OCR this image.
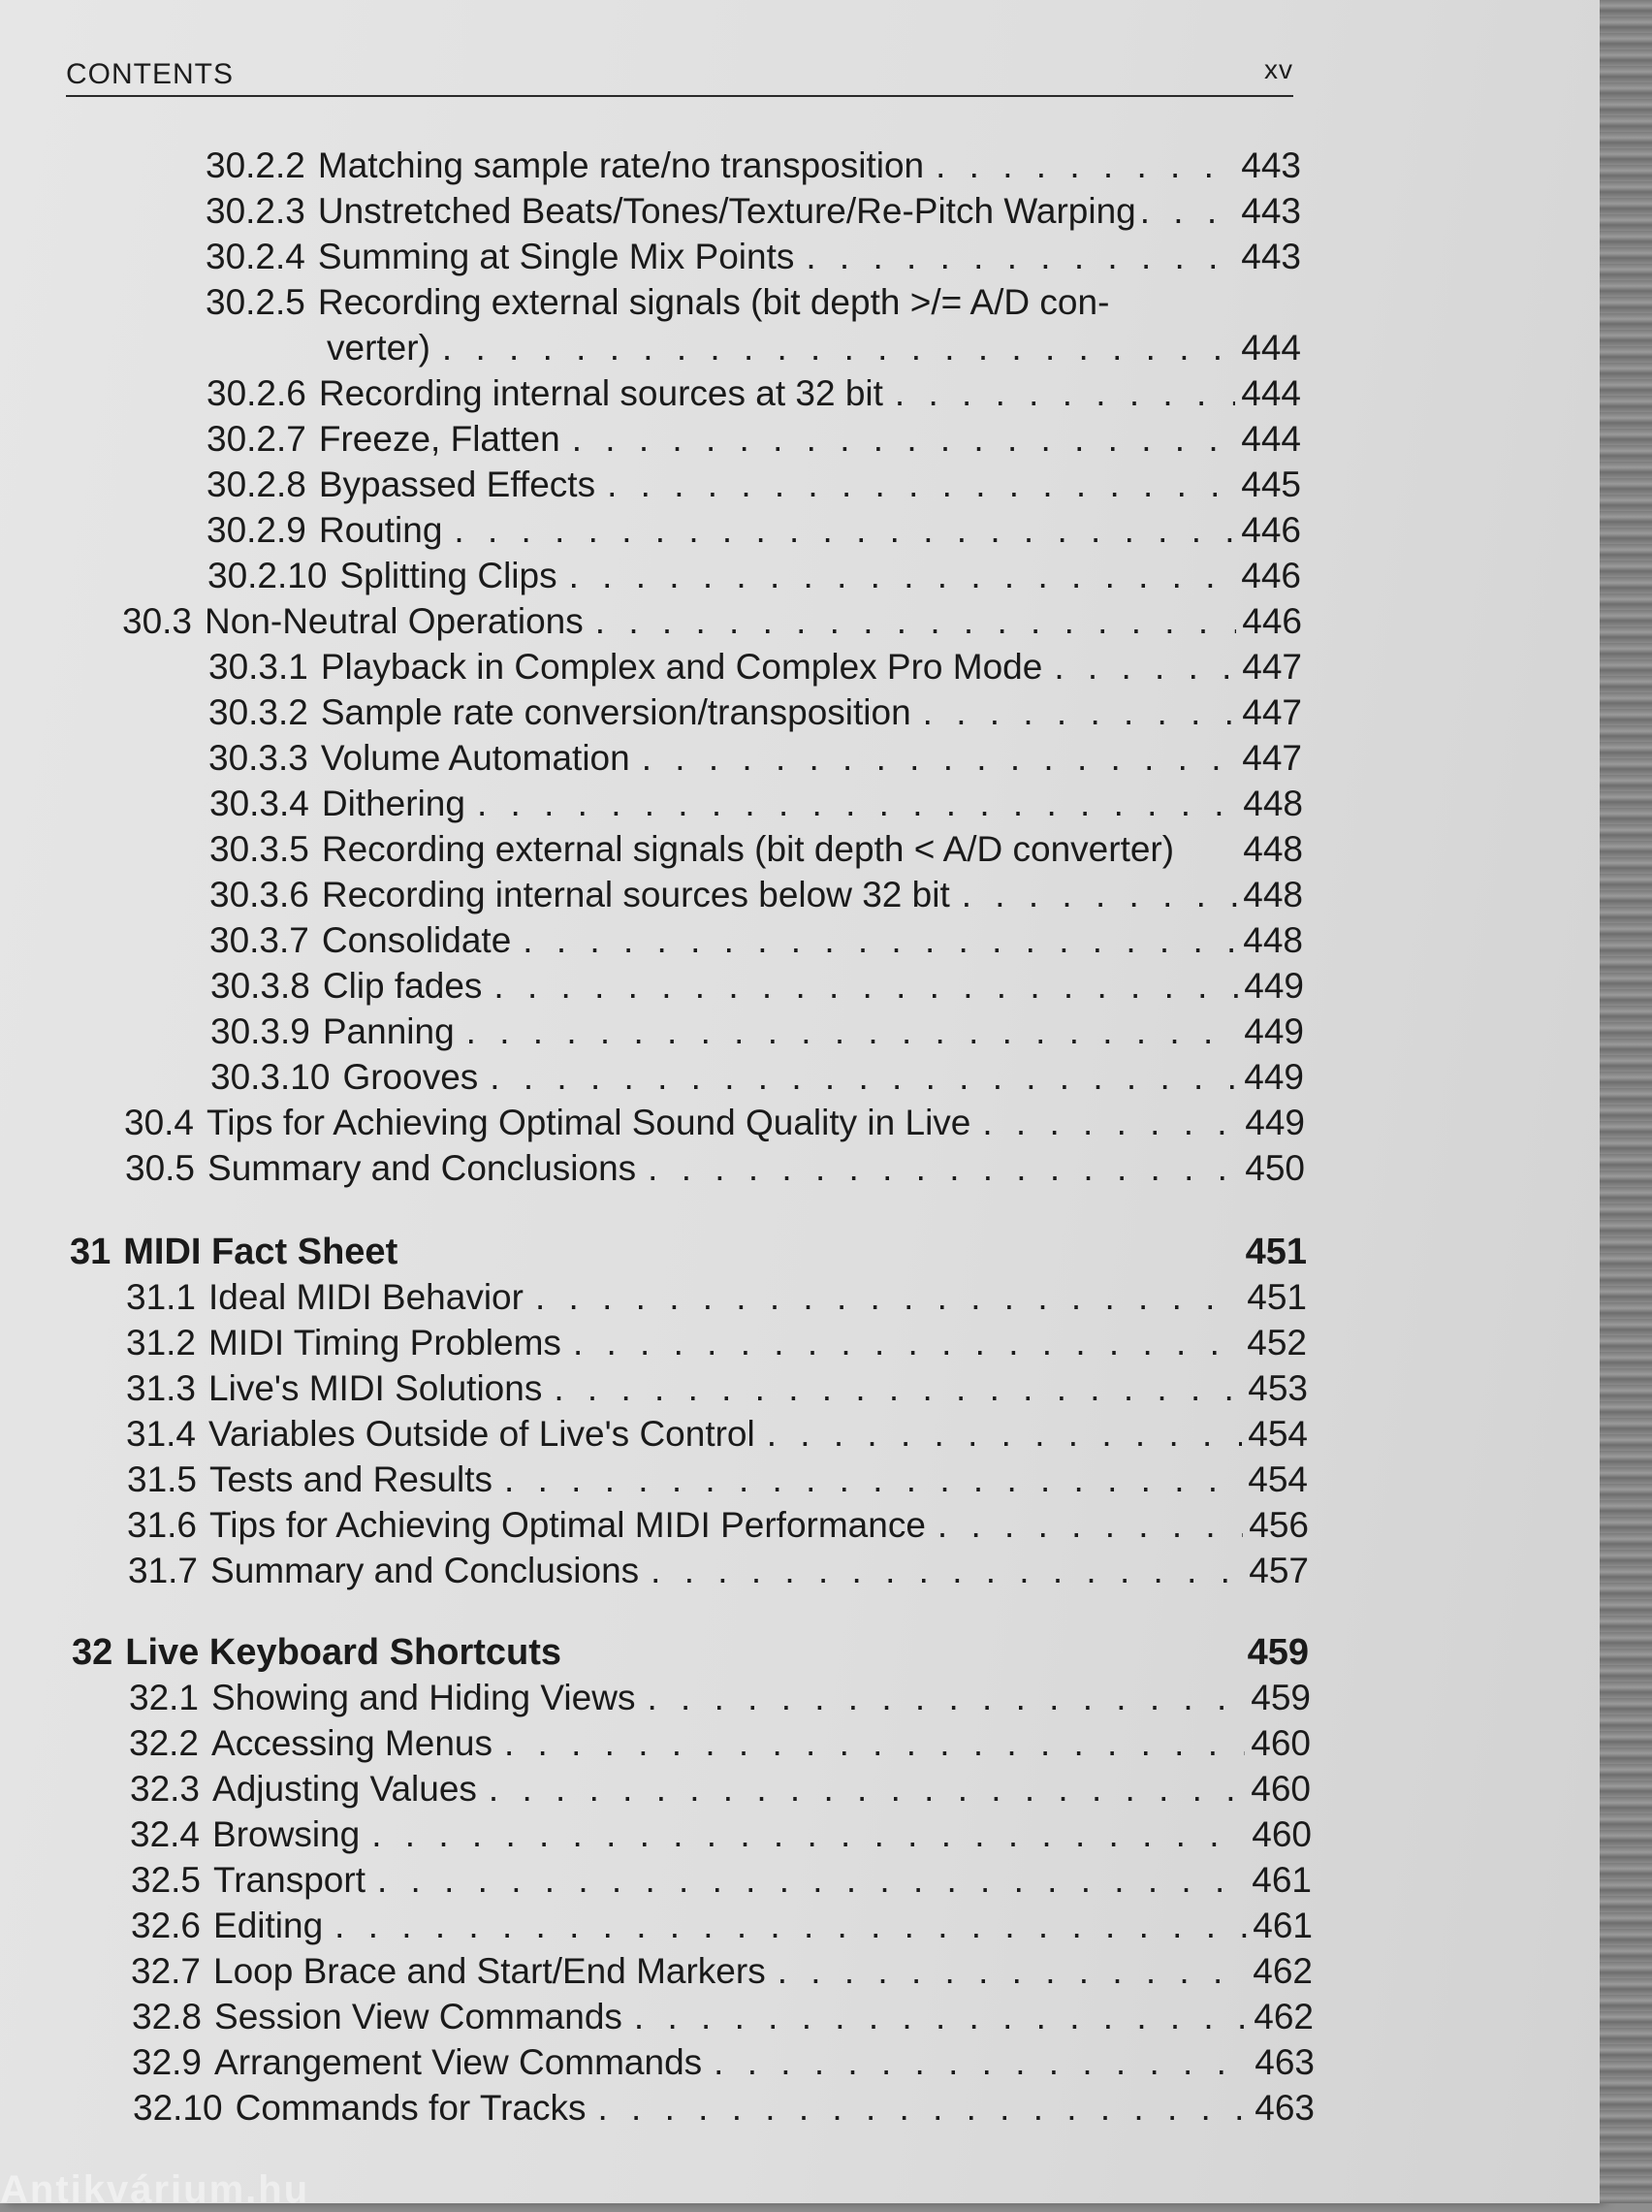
CONTENTS	xv
30.2.2 Matching sample rate/no transposition . . .	443
30.2.3 Unstretched Beats/Tones/Texture/Re-Pitch Warping . . .	443
30.2.4 Summing at Single Mix Points . . .	443
30.2.5 Recording external signals (bit depth >/= A/D con-
verter) . . .	444
30.2.6 Recording internal sources at 32 bit . . .	444
30.2.7 Freeze, Flatten . . .	444
30.2.8 Bypassed Effects . . .	445
30.2.9 Routing . . .	446
30.2.10 Splitting Clips . . .	446
30.3 Non-Neutral Operations . . .	446
30.3.1 Playback in Complex and Complex Pro Mode . . .	447
30.3.2 Sample rate conversion/transposition . . .	447
30.3.3 Volume Automation . . .	447
30.3.4 Dithering . . .	448
30.3.5 Recording external signals (bit depth < A/D converter) 448
30.3.6 Recording internal sources below 32 bit . . .	448
30.3.7 Consolidate . . .	448
30.3.8 Clip fades . . .	449
30.3.9 Panning . . .	449
30.3.10 Grooves . . .	449
30.4 Tips for Achieving Optimal Sound Quality in Live . . .	449
30.5 Summary and Conclusions . . .	450
31 MIDI Fact Sheet	451
31.1 Ideal MIDI Behavior . . .	451
31.2 MIDI Timing Problems . . .	452
31.3 Live's MIDI Solutions . . .	453
31.4 Variables Outside of Live's Control . . .	454
31.5 Tests and Results . . .	454
31.6 Tips for Achieving Optimal MIDI Performance . . .	456
31.7 Summary and Conclusions . . .	457
32 Live Keyboard Shortcuts	459
32.1 Showing and Hiding Views . . .	459
32.2 Accessing Menus . . .	460
32.3 Adjusting Values . . .	460
32.4 Browsing . . .	460
32.5 Transport . . .	461
32.6 Editing . . .	461
32.7 Loop Brace and Start/End Markers . . .	462
32.8 Session View Commands . . .	462
32.9 Arrangement View Commands . . .	463
32.10 Commands for Tracks . . .	463
Antikvárium.hu
